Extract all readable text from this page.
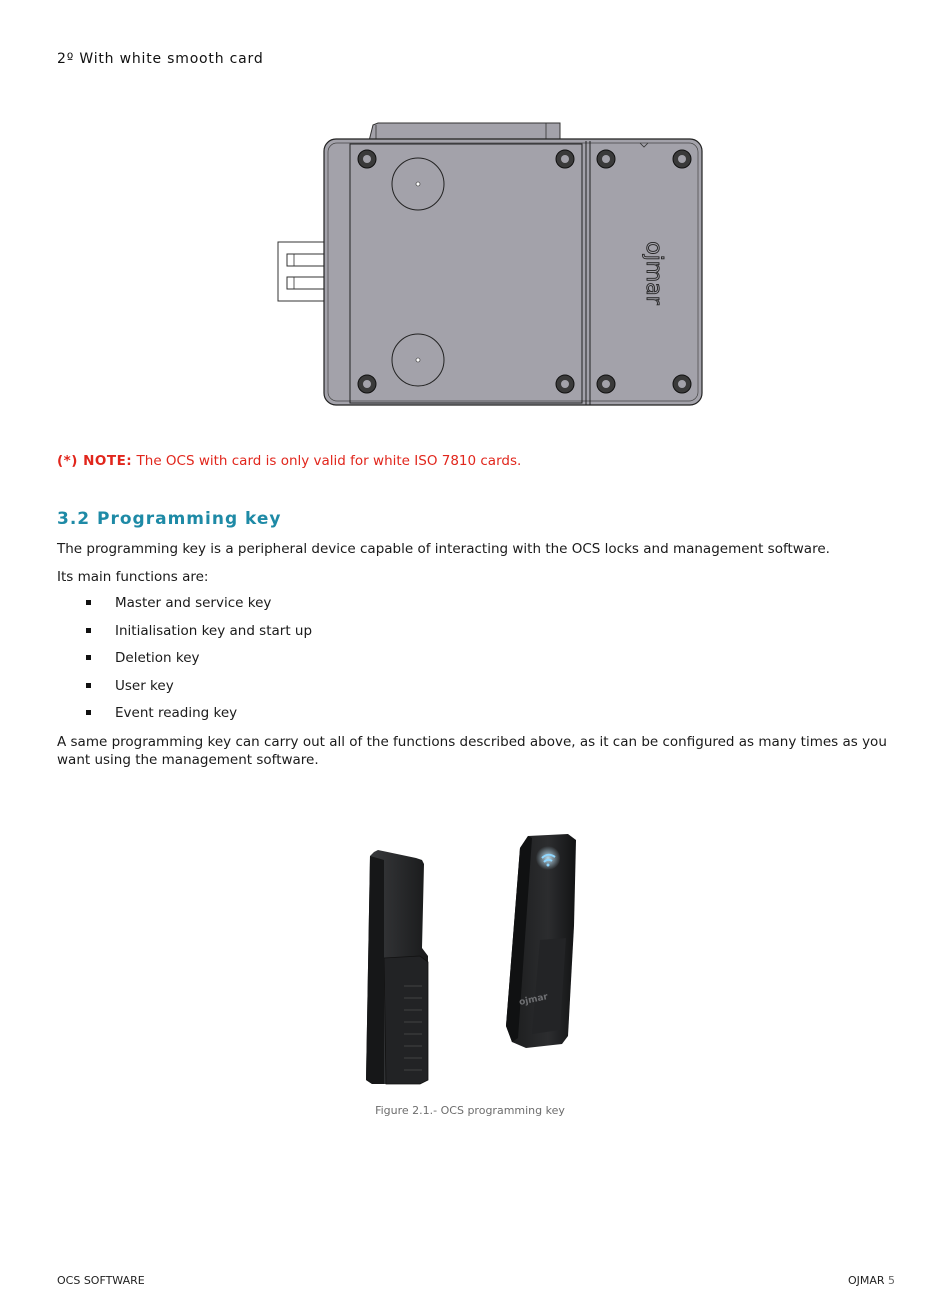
2º With white smooth card
ojmar
(*) NOTE: The OCS with card is only valid for white ISO 7810 cards.
3.2 Programming key
The programming key is a peripheral device capable of interacting with the OCS locks and management software.
Its main functions are:
Master and service key
Initialisation key and start up
Deletion key
User key
Event reading key
A same programming key can carry out all of the functions described above, as it can be configured as many times as you want using the management software.
ojmar
Figure 2.1.- OCS programming key
OCS SOFTWARE	OJMAR 5
